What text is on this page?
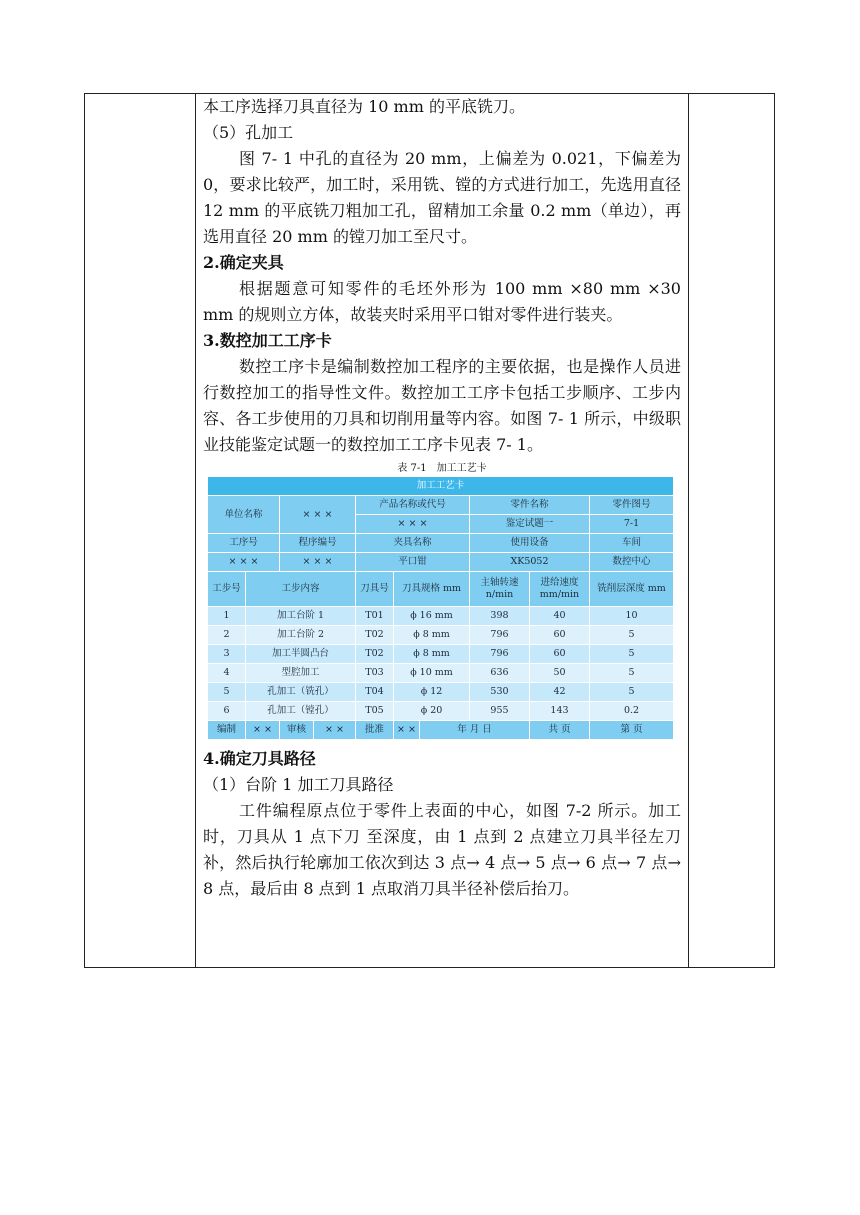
本工序选择刀具直径为 10 mm 的平底铣刀。

（5）孔加工

图 7- 1 中孔的直径为 20 mm，上偏差为 0.021，下偏差为 0，要求比较严，加工时，采用铣、镗的方式进行加工，先选用直径 12 mm 的平底铣刀粗加工孔，留精加工余量 0.2 mm（单边），再选用直径 20 mm 的镗刀加工至尺寸。

2.确定夹具

根据题意可知零件的毛坯外形为 100 mm ×80 mm ×30 mm 的规则立方体，故装夹时采用平口钳对零件进行装夹。

3.数控加工工序卡

数控工序卡是编制数控加工程序的主要依据，也是操作人员进行数控加工的指导性文件。数控加工工序卡包括工步顺序、工步内容、各工步使用的刀具和切削用量等内容。如图 7- 1 所示，中级职业技能鉴定试题一的数控加工工序卡见表 7- 1。

表 7-1　加工工艺卡
加工工艺卡									
单位名称		× × ×		产品名称或代号			零件名称		零件图号
				× × ×			鉴定试题一		7-1
工序号		程序编号		夹具名称			使用设备		车间
× × ×		× × ×		平口钳			XK5052		数控中心
工步号	工步内容			刀具号	刀具规格 mm		主轴转速 n/min	进给速度 mm/min	铣削层深度 mm
1	加工台阶 1			T01	ϕ 16 mm		398	40	10
2	加工台阶 2			T02	ϕ 8 mm		796	60	5
3	加工半圆凸台			T02	ϕ 8 mm		796	60	5
4	型腔加工			T03	ϕ 10 mm		636	50	5
5	孔加工（铣孔）			T04	ϕ 12		530	42	5
6	孔加工（镗孔）			T05	ϕ 20		955	143	0.2
编制	× ×	审核	× ×	批准	× ×	年 月 日		共 页	第 页

4.确定刀具路径

（1）台阶 1 加工刀具路径

工件编程原点位于零件上表面的中心，如图 7-2 所示。加工时，刀具从 1 点下刀 至深度，由 1 点到 2 点建立刀具半径左刀补，然后执行轮廓加工依次到达 3 点→ 4 点→ 5 点→ 6 点→ 7 点→ 8 点，最后由 8 点到 1 点取消刀具半径补偿后抬刀。
